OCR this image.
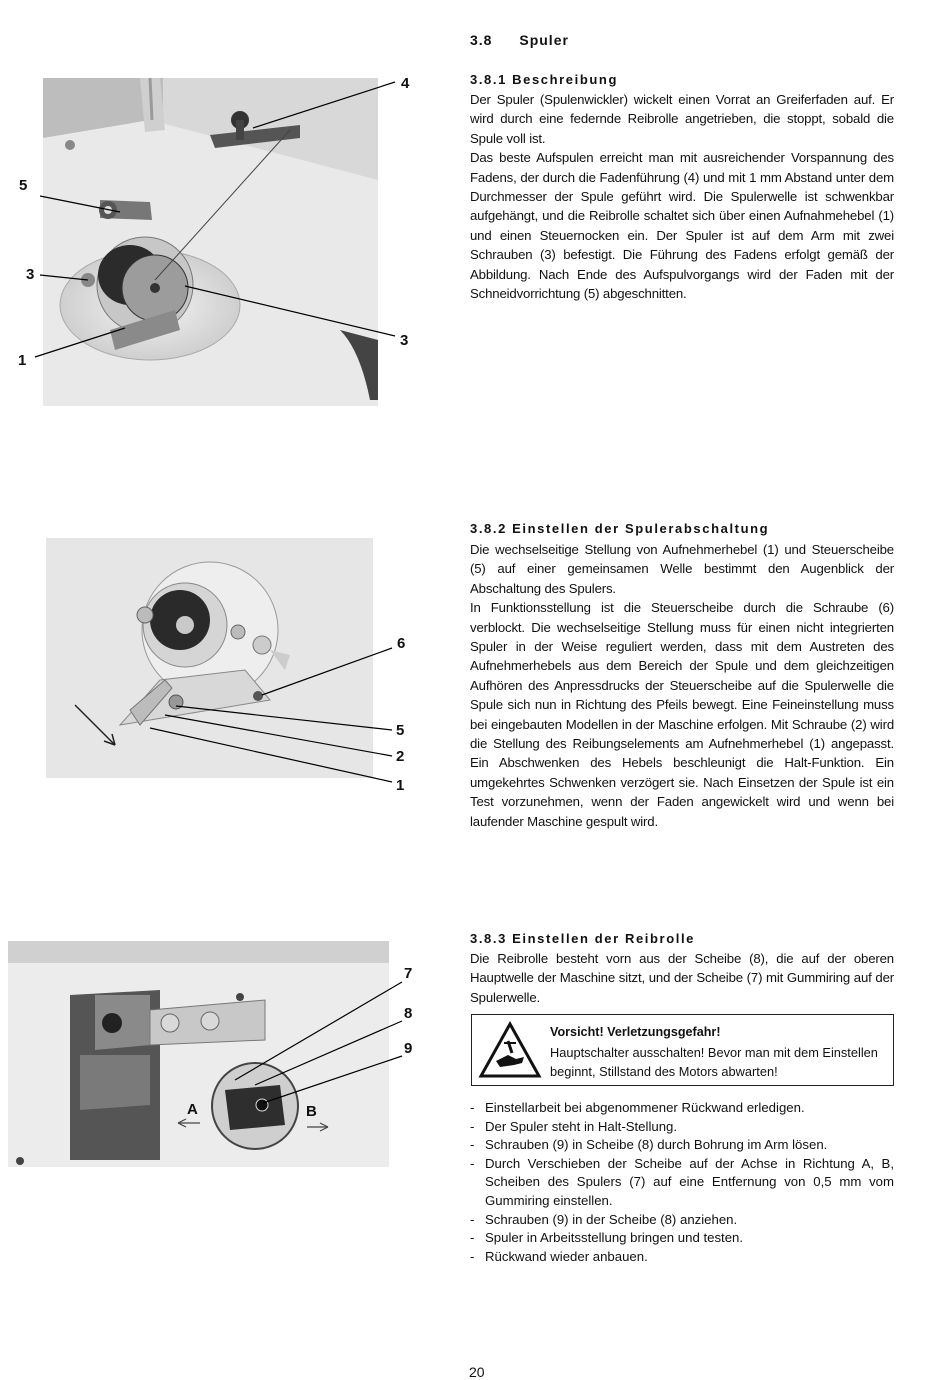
3.8 Spuler
4
5
3
1
3
3.8.1 Beschreibung

Der Spuler (Spulenwickler) wickelt einen Vorrat an Greiferfaden auf. Er wird durch eine federnde Reibrolle angetrieben, die stoppt, sobald die Spule voll ist.

Das beste Aufspulen erreicht man mit ausreichender Vorspannung des Fadens, der durch die Fadenführung (4) und mit 1 mm Abstand unter dem Durchmesser der Spule geführt wird. Die Spulerwelle ist schwenkbar aufgehängt, und die Reibrolle schaltet sich über einen Aufnahmehebel (1) und einen Steuernocken ein. Der Spuler ist auf dem Arm mit zwei Schrauben (3) befestigt. Die Führung des Fadens erfolgt gemäß der Abbildung. Nach Ende des Aufspulvorgangs wird der Faden mit der Schneidvorrichtung (5) abgeschnitten.

6
5
2
1
3.8.2 Einstellen der Spulerabschaltung

Die wechselseitige Stellung von Aufnehmerhebel (1) und Steuerscheibe (5) auf einer gemeinsamen Welle bestimmt den Augenblick der Abschaltung des Spulers.

In Funktionsstellung ist die Steuerscheibe durch die Schraube (6) verblockt. Die wechselseitige Stellung muss für einen nicht integrierten Spuler in der Weise reguliert werden, dass mit dem Austreten des Aufnehmerhebels aus dem Bereich der Spule und dem gleichzeitigen Aufhören des Anpressdrucks der Steuerscheibe auf die Spulerwelle die Spule sich nun in Richtung des Pfeils bewegt. Eine Feineinstellung muss bei eingebauten Modellen in der Maschine erfolgen. Mit Schraube (2) wird die Stellung des Reibungselements am Aufnehmerhebel (1) angepasst. Ein Abschwenken des Hebels beschleunigt die Halt-Funktion. Ein umgekehrtes Schwenken verzögert sie. Nach Einsetzen der Spule ist ein Test vorzunehmen, wenn der Faden angewickelt wird und wenn bei laufender Maschine gespult wird.

7
8
9
A	B
3.8.3 Einstellen der Reibrolle

Die Reibrolle besteht vorn aus der Scheibe (8), die auf der oberen Hauptwelle der Maschine sitzt, und der Scheibe (7) mit Gummiring auf der Spulerwelle.

Vorsicht! Verletzungsgefahr!
Hauptschalter ausschalten! Bevor man mit dem Einstellen beginnt, Stillstand des Motors abwarten!
- Einstellarbeit bei abgenommener Rückwand erledigen.
- Der Spuler steht in Halt-Stellung.
- Schrauben (9) in Scheibe (8) durch Bohrung im Arm lösen.
- Durch Verschieben der Scheibe auf der Achse in Richtung A, B, Scheiben des Spulers (7) auf eine Entfernung von 0,5 mm vom Gummiring einstellen.
- Schrauben (9) in der Scheibe (8) anziehen.
- Spuler in Arbeitsstellung bringen und testen.
- Rückwand wieder anbauen.
20
